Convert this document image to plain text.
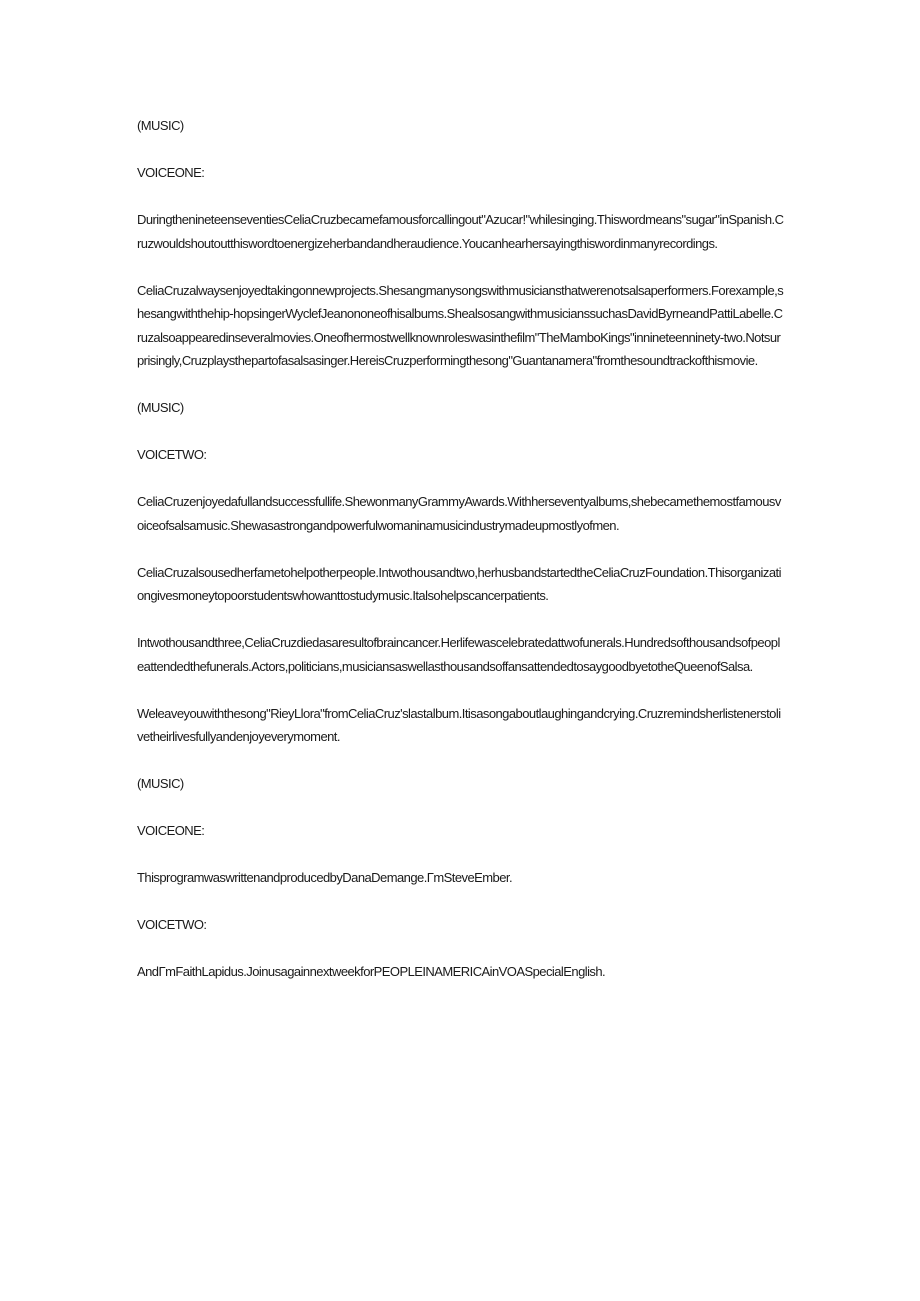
(MUSIC)

VOICEONE:

DuringthenineteenseventiesCeliaCruzbecamefamousforcallingout"Azucar!"whilesinging.Thiswordmeans"sugar"inSpanish.Cruzwouldshoutoutthiswordtoenergizeherbandandheraudience.Youcanhearhersayingthiswordinmanyrecordings.

CeliaCruzalwaysenjoyedtakingonnewprojects.Shesangmanysongswithmusiciansthatwerenotsalsaperformers.Forexample,shesangwiththehip-hopsingerWyclefJeanononeofhisalbums.ShealsosangwithmusicianssuchasDavidByrneandPattiLabelle.Cruzalsoappearedinseveralmovies.Oneofhermostwellknownroleswasinthefilm"TheMamboKings"innineteenninety-two.Notsurprisingly,Cruzplaysthepartofasalsasinger.HereisCruzperformingthesong"Guantanamera"fromthesoundtrackofthismovie.

(MUSIC)

VOICETWO:

CeliaCruzenjoyedafullandsuccessfullife.ShewonmanyGrammyAwards.Withherseventyalbums,shebecamethemostfamousvoiceofsalsamusic.Shewasastrongandpowerfulwomaninamusicindustrymadeupmostlyofmen.

CeliaCruzalsousedherfametohelpotherpeople.Intwothousandtwo,herhusbandstartedtheCeliaCruzFoundation.Thisorganizationgivesmoneytopoorstudentswhowanttostudymusic.Italsohelpscancerpatients.

Intwothousandthree,CeliaCruzdiedasaresultofbraincancer.Herlifewascelebratedattwofunerals.Hundredsofthousandsofpeopleattendedthefunerals.Actors,politicians,musiciansaswellasthousandsoffansattendedtosaygoodbyetotheQueenofSalsa.

Weleaveyouwiththesong"RieyLlora"fromCeliaCruz'slastalbum.Itisasongaboutlaughingandcrying.Cruzremindsherlistenerstolivetheirlivesfullyandenjoyeverymoment.

(MUSIC)

VOICEONE:

ThisprogramwaswrittenandproducedbyDanaDemange.ΓmSteveEmber.

VOICETWO:

AndΓmFaithLapidus.JoinusagainnextweekforPEOPLEINAMERICAinVOASpecialEnglish.
